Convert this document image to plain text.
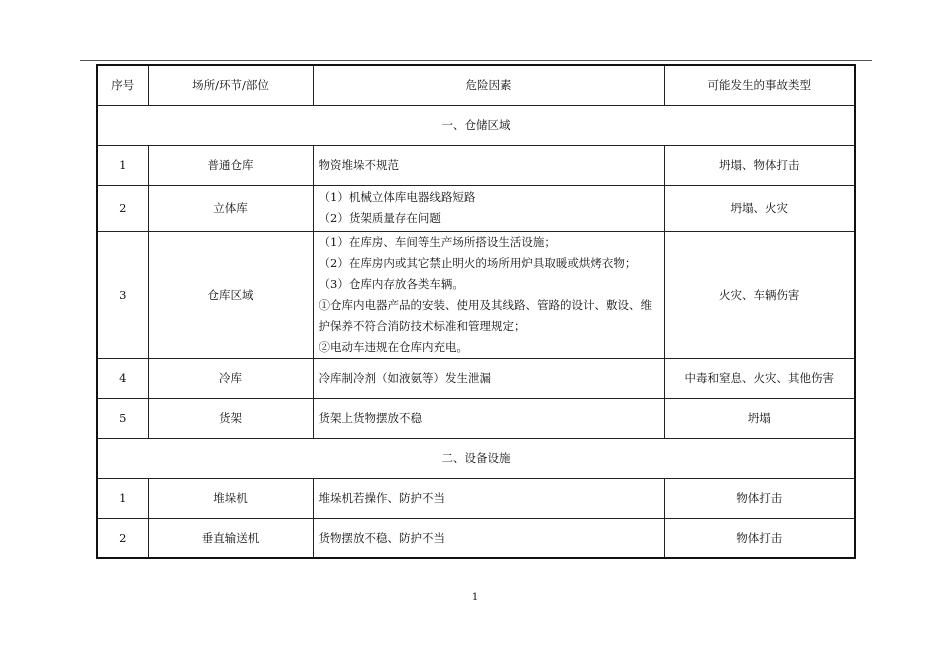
序号	场所/环节/部位	危险因素	可能发生的事故类型
一、仓储区域			
1	普通仓库	物资堆垛不规范	坍塌、物体打击
2	立体库	（1）机械立体库电器线路短路
（2）货架质量存在问题	坍塌、火灾
3	仓库区域	（1）在库房、车间等生产场所搭设生活设施；
（2）在库房内或其它禁止明火的场所用炉具取暖或烘烤衣物；
（3）仓库内存放各类车辆。
①仓库内电器产品的安装、使用及其线路、管路的设计、敷设、维护保养不符合消防技术标准和管理规定；
②电动车违规在仓库内充电。	火灾、车辆伤害
4	冷库	冷库制冷剂（如液氨等）发生泄漏	中毒和窒息、火灾、其他伤害
5	货架	货架上货物摆放不稳	坍塌
二、设备设施			
1	堆垛机	堆垛机若操作、防护不当	物体打击
2	垂直输送机	货物摆放不稳、防护不当	物体打击
1
